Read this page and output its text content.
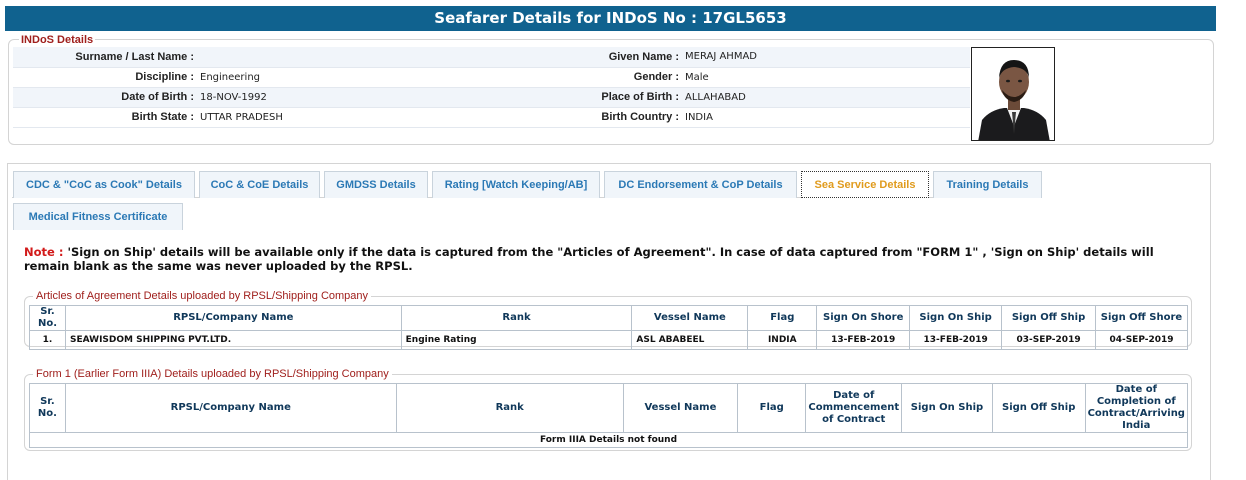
Seafarer Details for INDoS No : 17GL5653
INDoS Details
Surname / Last Name :		Given Name :	MERAJ AHMAD
Discipline :	Engineering	Gender :	Male
Date of Birth :	18-NOV-1992	Place of Birth :	ALLAHABAD
Birth State :	UTTAR PRADESH	Birth Country :	INDIA
CDC & "CoC as Cook" Details	CoC & CoE Details	GMDSS Details	Rating [Watch Keeping/AB]	DC Endorsement & CoP Details	Sea Service Details	Training Details
Medical Fitness Certificate
Note : 'Sign on Ship' details will be available only if the data is captured from the "Articles of Agreement". In case of data captured from "FORM 1" , 'Sign on Ship' details will remain blank as the same was never uploaded by the RPSL.
Articles of Agreement Details uploaded by RPSL/Shipping Company
Sr. No.	RPSL/Company Name	Rank	Vessel Name	Flag	Sign On Shore	Sign On Ship	Sign Off Ship	Sign Off Shore
1.	SEAWISDOM SHIPPING PVT.LTD.	Engine Rating	ASL ABABEEL	INDIA	13-FEB-2019	13-FEB-2019	03-SEP-2019	04-SEP-2019
Form 1 (Earlier Form IIIA) Details uploaded by RPSL/Shipping Company
Sr. No.	RPSL/Company Name	Rank	Vessel Name	Flag	Date of Commencement of Contract	Sign On Ship	Sign Off Ship	Date of Completion of Contract/Arriving India
Form IIIA Details not found
